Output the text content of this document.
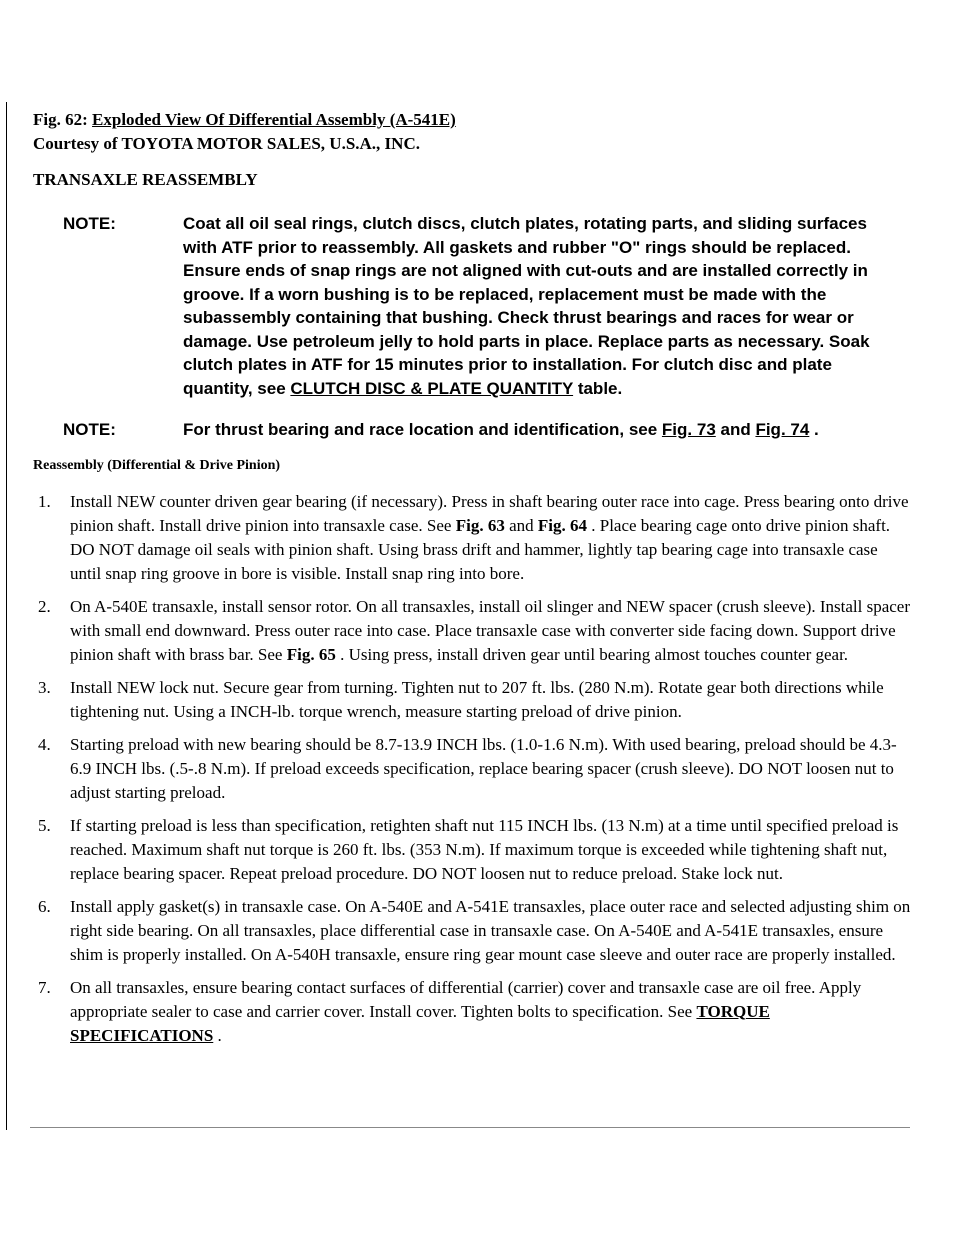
Fig. 62: Exploded View Of Differential Assembly (A-541E)

Courtesy of TOYOTA MOTOR SALES, U.S.A., INC.

TRANSAXLE REASSEMBLY

NOTE:	Coat all oil seal rings, clutch discs, clutch plates, rotating parts, and sliding surfaces with ATF prior to reassembly. All gaskets and rubber "O" rings should be replaced. Ensure ends of snap rings are not aligned with cut-outs and are installed correctly in groove. If a worn bushing is to be replaced, replacement must be made with the subassembly containing that bushing. Check thrust bearings and races for wear or damage. Use petroleum jelly to hold parts in place. Replace parts as necessary. Soak clutch plates in ATF for 15 minutes prior to installation. For clutch disc and plate quantity, see CLUTCH DISC & PLATE QUANTITY table.
NOTE:	For thrust bearing and race location and identification, see Fig. 73 and Fig. 74 .

Reassembly (Differential & Drive Pinion)

1.	Install NEW counter driven gear bearing (if necessary). Press in shaft bearing outer race into cage. Press bearing onto drive pinion shaft. Install drive pinion into transaxle case. See Fig. 63 and Fig. 64 . Place bearing cage onto drive pinion shaft. DO NOT damage oil seals with pinion shaft. Using brass drift and hammer, lightly tap bearing cage into transaxle case until snap ring groove in bore is visible. Install snap ring into bore.
2.	On A-540E transaxle, install sensor rotor. On all transaxles, install oil slinger and NEW spacer (crush sleeve). Install spacer with small end downward. Press outer race into case. Place transaxle case with converter side facing down. Support drive pinion shaft with brass bar. See Fig. 65 . Using press, install driven gear until bearing almost touches counter gear.
3.	Install NEW lock nut. Secure gear from turning. Tighten nut to 207 ft. lbs. (280 N.m). Rotate gear both directions while tightening nut. Using a INCH-lb. torque wrench, measure starting preload of drive pinion.
4.	Starting preload with new bearing should be 8.7-13.9 INCH lbs. (1.0-1.6 N.m). With used bearing, preload should be 4.3-6.9 INCH lbs. (.5-.8 N.m). If preload exceeds specification, replace bearing spacer (crush sleeve). DO NOT loosen nut to adjust starting preload.
5.	If starting preload is less than specification, retighten shaft nut 115 INCH lbs. (13 N.m) at a time until specified preload is reached. Maximum shaft nut torque is 260 ft. lbs. (353 N.m). If maximum torque is exceeded while tightening shaft nut, replace bearing spacer. Repeat preload procedure. DO NOT loosen nut to reduce preload. Stake lock nut.
6.	Install apply gasket(s) in transaxle case. On A-540E and A-541E transaxles, place outer race and selected adjusting shim on right side bearing. On all transaxles, place differential case in transaxle case. On A-540E and A-541E transaxles, ensure shim is properly installed. On A-540H transaxle, ensure ring gear mount case sleeve and outer race are properly installed.
7.	On all transaxles, ensure bearing contact surfaces of differential (carrier) cover and transaxle case are oil free. Apply appropriate sealer to case and carrier cover. Install cover. Tighten bolts to specification. See TORQUE SPECIFICATIONS .
